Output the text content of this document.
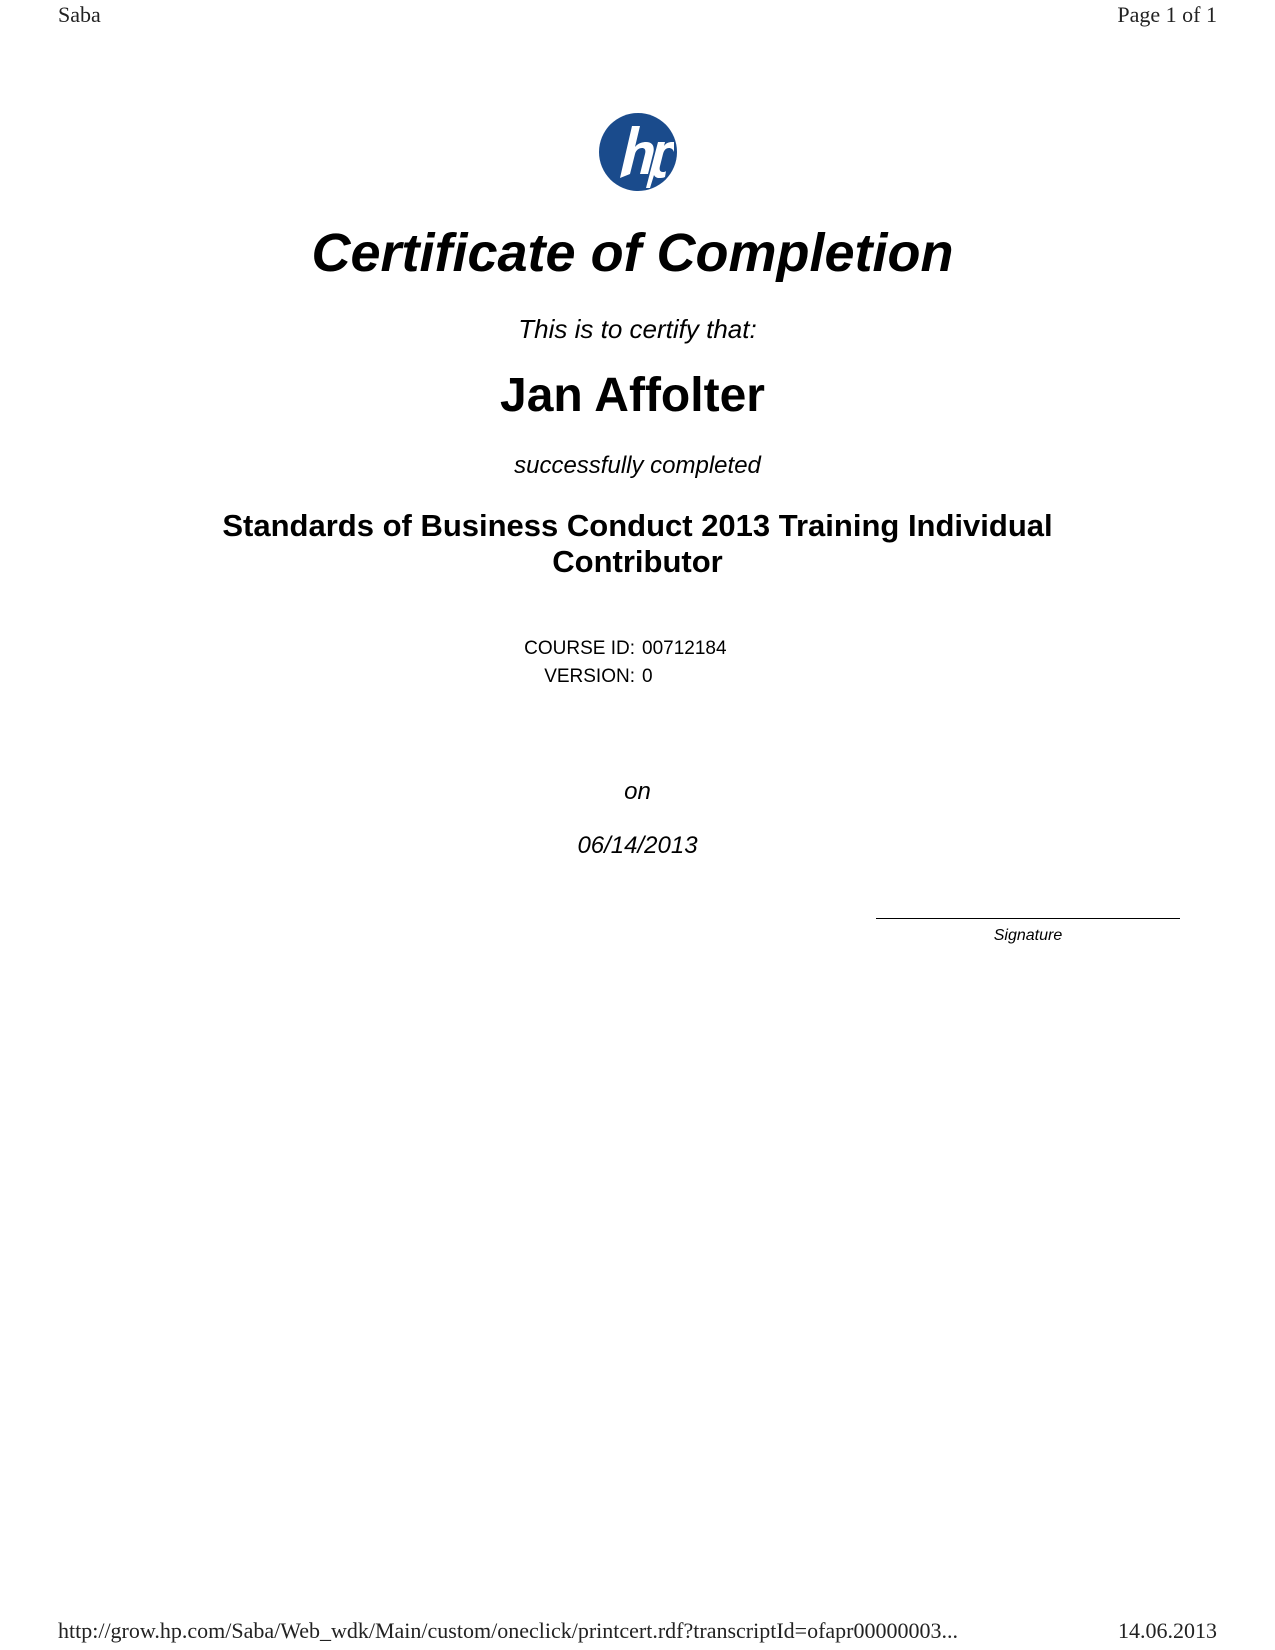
Saba	Page 1 of 1
Certificate of Completion
This is to certify that:
Jan Affolter
successfully completed
Standards of Business Conduct 2013 Training Individual
Contributor
COURSE ID: 00712184
VERSION: 0
on
06/14/2013
Signature
http://grow.hp.com/Saba/Web_wdk/Main/custom/oneclick/printcert.rdf?transcriptId=ofapr00000003...	14.06.2013
